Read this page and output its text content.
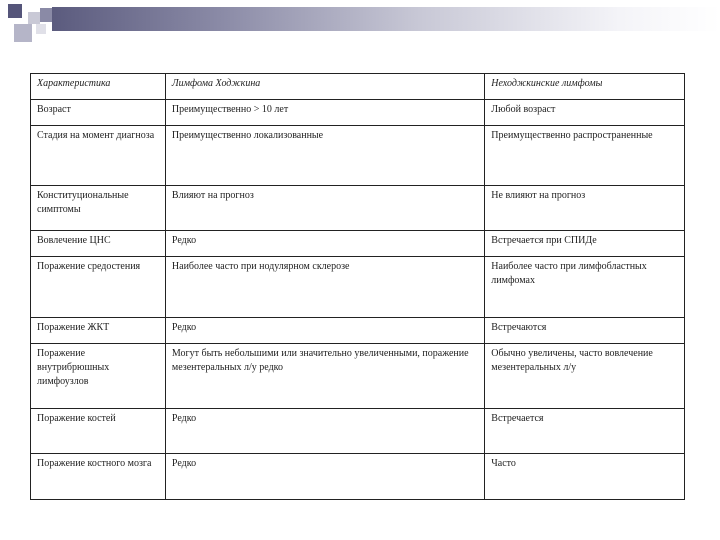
Характеристика	Лимфома Ходжкина	Неходжкинские лимфомы
Возраст	Преимущественно > 10 лет	Любой возраст
Стадия на момент диагноза	Преимущественно локализованные	Преимущественно распространенные
Конституциональные симптомы	Влияют на прогноз	Не влияют на прогноз
Вовлечение ЦНС	Редко	Встречается при СПИДе
Поражение средостения	Наиболее часто при нодулярном склерозе	Наиболее часто при лимфобластных лимфомах
Поражение ЖКТ	Редко	Встречаются
Поражение внутрибрюшных лимфоузлов	Могут быть небольшими или значительно увеличенными, поражение мезентеральных л/у редко	Обычно увеличены, часто вовлечение мезентеральных л/у
Поражение костей	Редко	Встречается
Поражение костного мозга	Редко	Часто
